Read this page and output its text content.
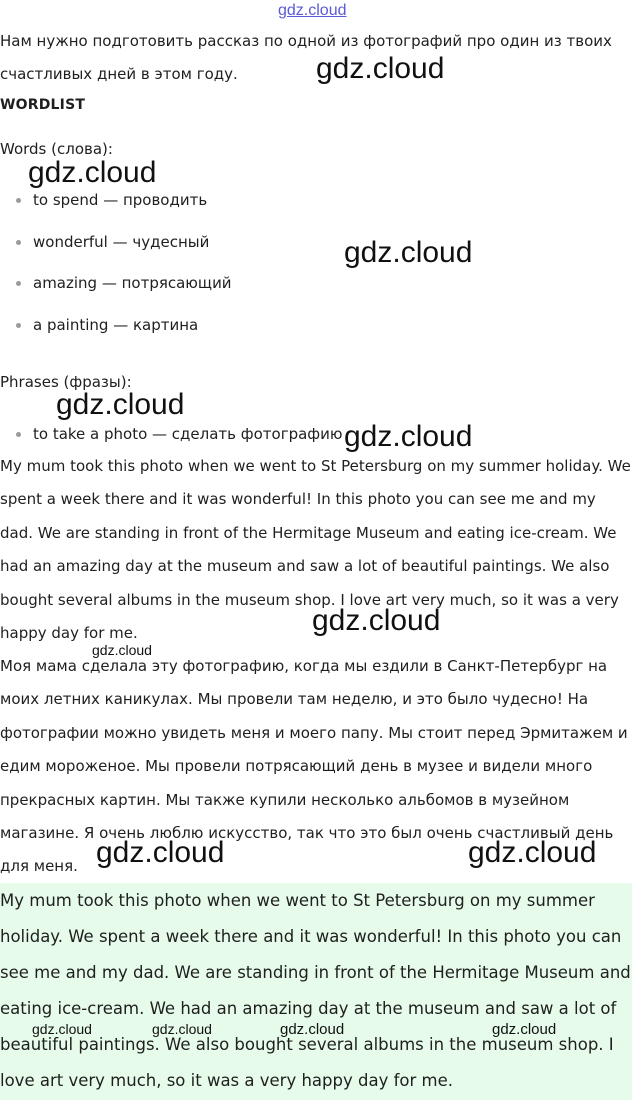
gdz.cloud
Нам нужно подготовить рассказ по одной из фотографий про один из твоих
счастливых дней в этом году.
WORDLIST
Words (слова):
to spend — проводить
wonderful — чудесный
amazing — потрясающий
a painting — картина
Phrases (фразы):
to take a photo — сделать фотографию
My mum took this photo when we went to St Petersburg on my summer holiday. We
spent a week there and it was wonderful! In this photo you can see me and my
dad. We are standing in front of the Hermitage Museum and eating ice-cream. We
had an amazing day at the museum and saw a lot of beautiful paintings. We also
bought several albums in the museum shop. I love art very much, so it was a very
happy day for me.
Моя мама сделала эту фотографию, когда мы ездили в Санкт-Петербург на
моих летних каникулах. Мы провели там неделю, и это было чудесно! На
фотографии можно увидеть меня и моего папу. Мы стоит перед Эрмитажем и
едим мороженое. Мы провели потрясающий день в музее и видели много
прекрасных картин. Мы также купили несколько альбомов в музейном
магазине. Я очень люблю искусство, так что это был очень счастливый день
для меня.
My mum took this photo when we went to St Petersburg on my summer
holiday. We spent a week there and it was wonderful! In this photo you can
see me and my dad. We are standing in front of the Hermitage Museum and
eating ice-cream. We had an amazing day at the museum and saw a lot of
beautiful paintings. We also bought several albums in the museum shop. I
love art very much, so it was a very happy day for me.
gdz.cloud
gdz.cloud
gdz.cloud
gdz.cloud
gdz.cloud
gdz.cloud
gdz.cloud	gdz.cloud
gdz.cloud
gdz.cloud	gdz.cloud	gdz.cloud	gdz.cloud
